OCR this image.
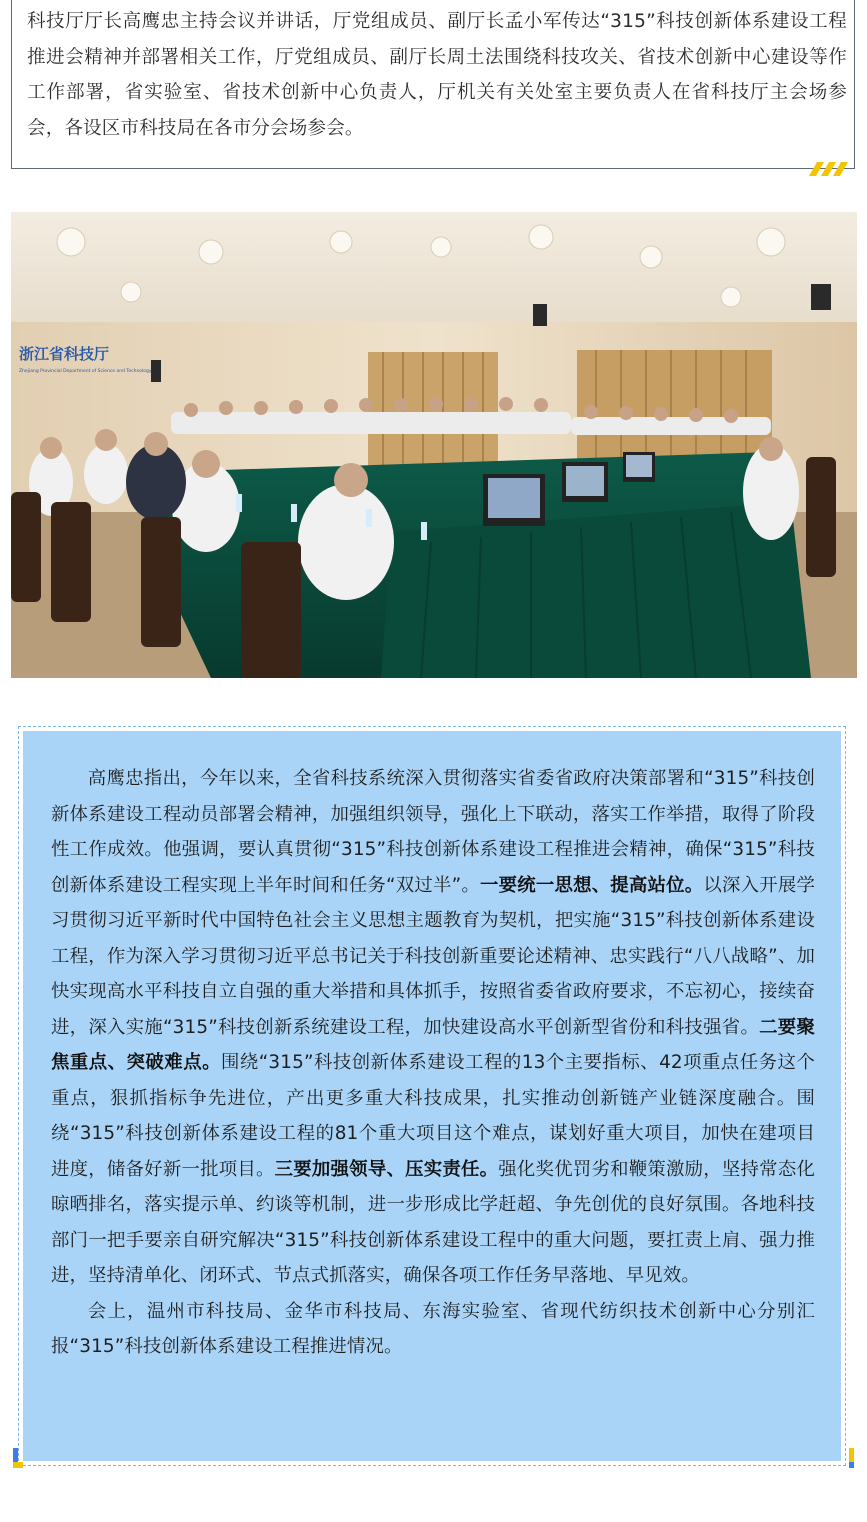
科技厅厅长高鹰忠主持会议并讲话，厅党组成员、副厅长孟小军传达“315”科技创新体系建设工程推进会精神并部署相关工作，厅党组成员、副厅长周土法围绕科技攻关、省技术创新中心建设等作工作部署，省实验室、省技术创新中心负责人，厅机关有关处室主要负责人在省科技厅主会场参会，各设区市科技局在各市分会场参会。

浙江省科技厅
Zhejiang Provincial Department of Science and Technology

高鹰忠指出，今年以来，全省科技系统深入贯彻落实省委省政府决策部署和“315”科技创新体系建设工程动员部署会精神，加强组织领导，强化上下联动，落实工作举措，取得了阶段性工作成效。他强调，要认真贯彻“315”科技创新体系建设工程推进会精神，确保“315”科技创新体系建设工程实现上半年时间和任务“双过半”。一要统一思想、提高站位。以深入开展学习贯彻习近平新时代中国特色社会主义思想主题教育为契机，把实施“315”科技创新体系建设工程，作为深入学习贯彻习近平总书记关于科技创新重要论述精神、忠实践行“八八战略”、加快实现高水平科技自立自强的重大举措和具体抓手，按照省委省政府要求，不忘初心，接续奋进，深入实施“315”科技创新系统建设工程，加快建设高水平创新型省份和科技强省。二要聚焦重点、突破难点。围绕“315”科技创新体系建设工程的13个主要指标、42项重点任务这个重点，狠抓指标争先进位，产出更多重大科技成果，扎实推动创新链产业链深度融合。围绕“315”科技创新体系建设工程的81个重大项目这个难点，谋划好重大项目，加快在建项目进度，储备好新一批项目。三要加强领导、压实责任。强化奖优罚劣和鞭策激励，坚持常态化晾晒排名，落实提示单、约谈等机制，进一步形成比学赶超、争先创优的良好氛围。各地科技部门一把手要亲自研究解决“315”科技创新体系建设工程中的重大问题，要扛责上肩、强力推进，坚持清单化、闭环式、节点式抓落实，确保各项工作任务早落地、早见效。

会上，温州市科技局、金华市科技局、东海实验室、省现代纺织技术创新中心分别汇报“315”科技创新体系建设工程推进情况。
